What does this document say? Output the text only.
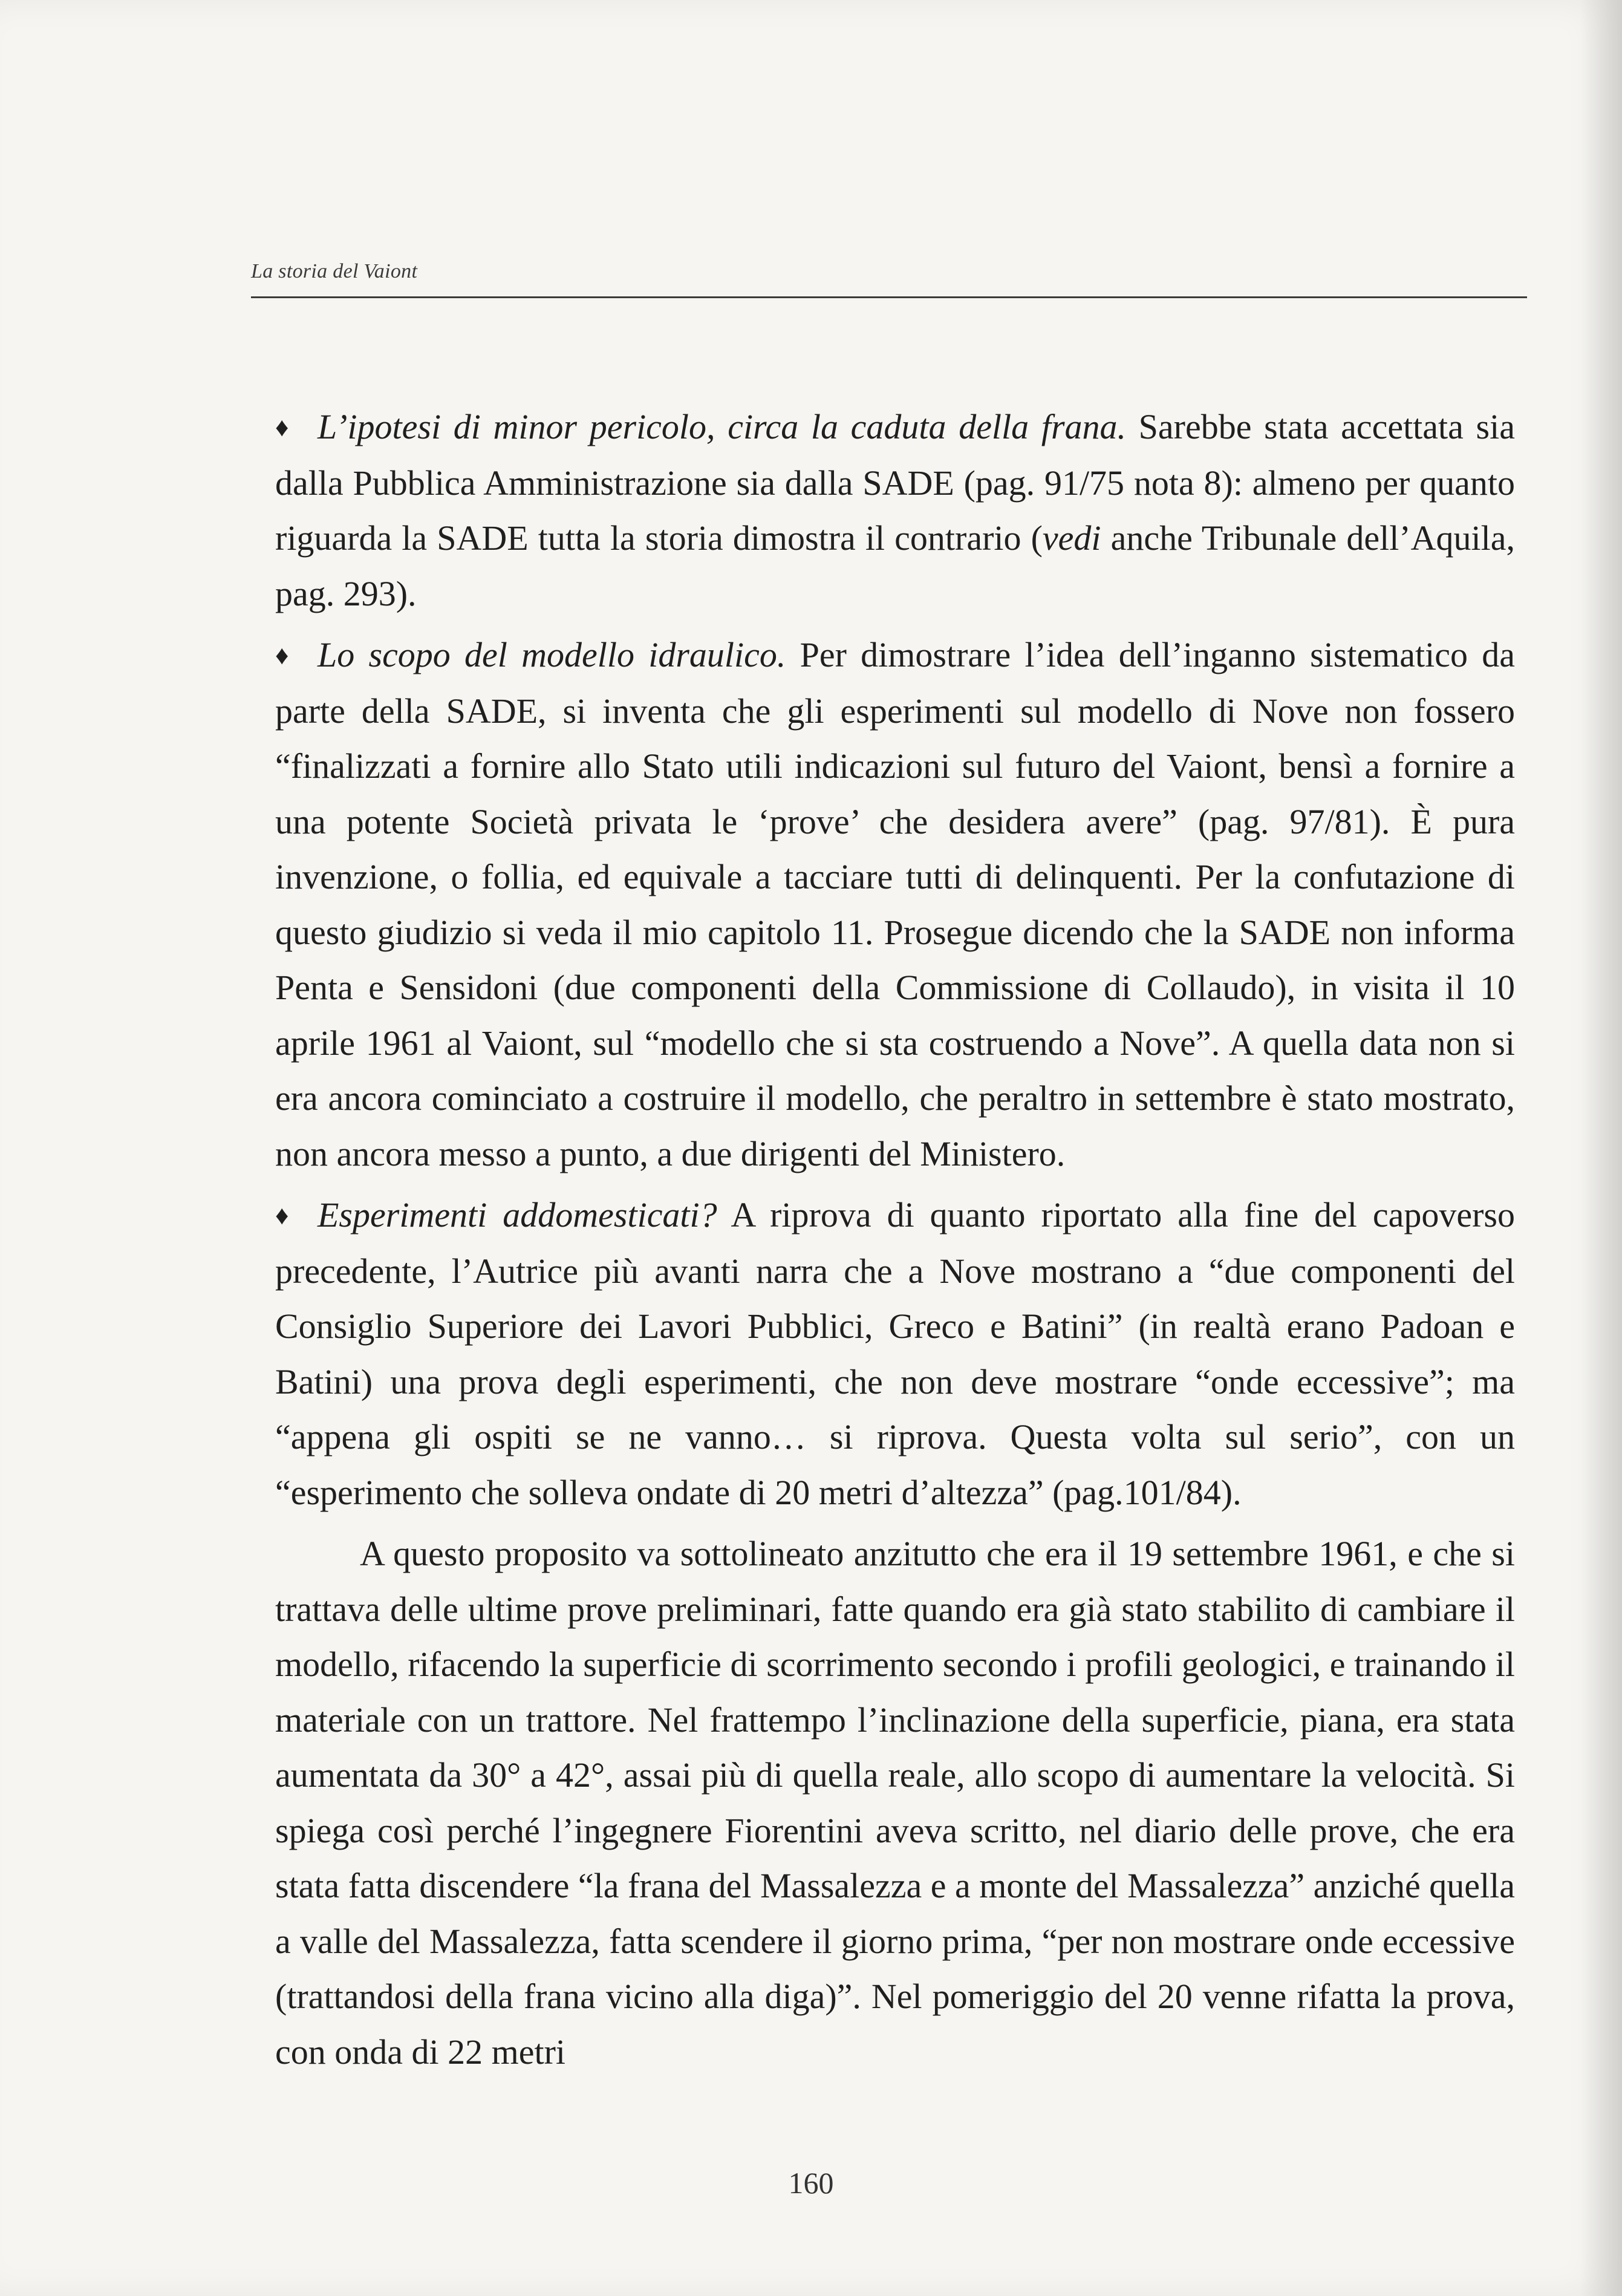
La storia del Vaiont

♦ L’ipotesi di minor pericolo, circa la caduta della frana. Sarebbe stata accettata sia dalla Pubblica Amministrazione sia dalla SADE (pag. 91/75 nota 8): almeno per quanto riguarda la SADE tutta la storia dimostra il contrario (vedi anche Tribunale dell’Aquila, pag. 293).

♦ Lo scopo del modello idraulico. Per dimostrare l’idea dell’inganno sistematico da parte della SADE, si inventa che gli esperimenti sul modello di Nove non fossero “finalizzati a fornire allo Stato utili indicazioni sul futuro del Vaiont, bensì a fornire a una potente Società privata le ‘prove’ che desidera avere” (pag. 97/81). È pura invenzione, o follia, ed equivale a tacciare tutti di delinquenti. Per la confutazione di questo giudizio si veda il mio capitolo 11. Prosegue dicendo che la SADE non informa Penta e Sensidoni (due componenti della Commissione di Collaudo), in visita il 10 aprile 1961 al Vaiont, sul “modello che si sta costruendo a Nove”. A quella data non si era ancora cominciato a costruire il modello, che peraltro in settembre è stato mostrato, non ancora messo a punto, a due dirigenti del Ministero.

♦ Esperimenti addomesticati? A riprova di quanto riportato alla fine del capoverso precedente, l’Autrice più avanti narra che a Nove mostrano a “due componenti del Consiglio Superiore dei Lavori Pubblici, Greco e Batini” (in realtà erano Padoan e Batini) una prova degli esperimenti, che non deve mostrare “onde eccessive”; ma “appena gli ospiti se ne vanno… si riprova. Questa volta sul serio”, con un “esperimento che solleva ondate di 20 metri d’altezza” (pag.101/84).

A questo proposito va sottolineato anzitutto che era il 19 settembre 1961, e che si trattava delle ultime prove preliminari, fatte quando era già stato stabilito di cambiare il modello, rifacendo la superficie di scorrimento secondo i profili geologici, e trainando il materiale con un trattore. Nel frattempo l’inclinazione della superficie, piana, era stata aumentata da 30° a 42°, assai più di quella reale, allo scopo di aumentare la velocità. Si spiega così perché l’ingegnere Fiorentini aveva scritto, nel diario delle prove, che era stata fatta discendere “la frana del Massalezza e a monte del Massalezza” anziché quella a valle del Massalezza, fatta scendere il giorno prima, “per non mostrare onde eccessive (trattandosi della frana vicino alla diga)”. Nel pomeriggio del 20 venne rifatta la prova, con onda di 22 metri

160
